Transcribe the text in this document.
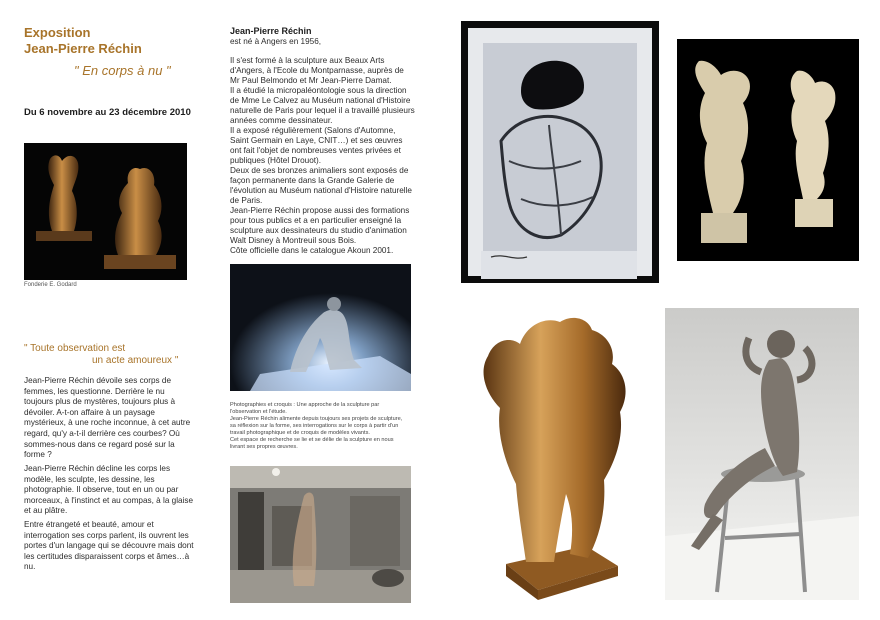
Exposition
Jean-Pierre Réchin
" En corps à nu "
Du 6 novembre au 23 décembre 2010
Fonderie E. Godard
" Toute observation est
un acte amoureux "
Jean-Pierre Réchin dévoile ses corps de femmes, les questionne. Derrière le nu toujours plus de mystères, toujours plus à dévoiler. A-t-on affaire à un paysage mystérieux, à une roche inconnue, à cet autre regard, qu'y a-t-il derrière ces courbes? Où sommes-nous dans ce regard posé sur la forme ?
Jean-Pierre Réchin décline les corps les modèle, les sculpte, les dessine, les photographie. Il observe, tout en un ou par morceaux, à l'instinct et au compas, à la glaise et au plâtre.
Entre étrangeté et beauté, amour et interrogation ses corps parlent, ils ouvrent les portes d'un langage qui se découvre mais dont les certitudes disparaissent corps et âmes…à nu.
Jean-Pierre Réchin
est né à Angers en 1956,
Il s'est formé à la sculpture aux Beaux Arts
d'Angers, à l'Ecole du Montparnasse, auprès de
Mr Paul Belmondo et Mr Jean-Pierre Damat.
Il a étudié la micropaléontologie sous la direction
de Mme Le Calvez au Muséum national d'Histoire
naturelle de Paris pour lequel il a travaillé plusieurs
années comme dessinateur.
Il a exposé régulièrement (Salons d'Automne,
Saint Germain en Laye, CNIT…) et ses œuvres
ont fait l'objet de nombreuses ventes privées et
publiques (Hôtel Drouot).
Deux de ses bronzes animaliers sont exposés de
façon permanente dans la Grande Galerie de
l'évolution au Muséum national d'Histoire naturelle
de Paris.
Jean-Pierre Réchin propose aussi des formations
pour tous publics et a en particulier enseigné la
sculpture aux dessinateurs du studio d'animation
Walt Disney à Montreuil sous Bois.
Côte officielle dans le catalogue Akoun 2001.
Photographies et croquis : Une approche de la sculpture par
l'observation et l'étude.
Jean-Pierre Réchin alimente depuis toujours ses projets de sculpture,
sa réflexion sur la forme, ses interrogations sur le corps à partir d'un
travail photographique et de croquis de modèles vivants.
Cet espace de recherche se lie et se délie de la sculpture en nous
livrant ses propres œuvres.
